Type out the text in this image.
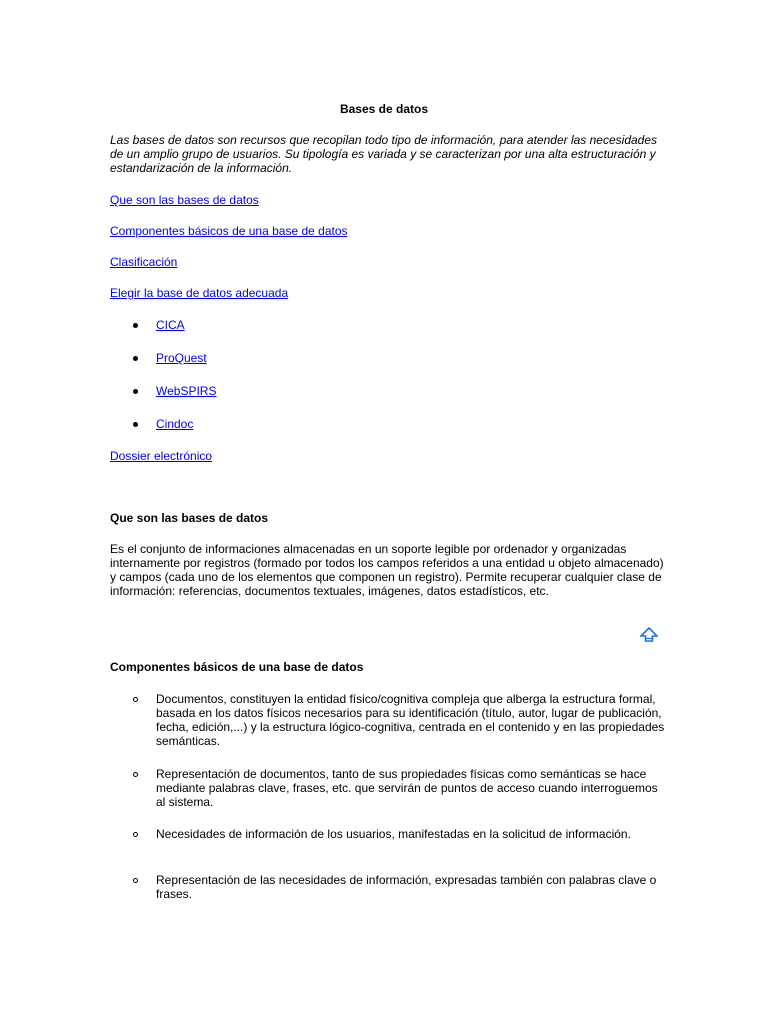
Bases de datos
Las bases de datos son recursos que recopilan todo tipo de información, para atender las necesidades de un amplio grupo de usuarios. Su tipología es variada y se caracterizan por una alta estructuración y estandarización de la información.
Que son las bases de datos
Componentes básicos de una base de datos
Clasificación
Elegir la base de datos adecuada
CICA
ProQuest
WebSPIRS
Cindoc
Dossier electrónico
Que son las bases de datos
Es el conjunto de informaciones almacenadas en un soporte legible por ordenador y organizadas internamente por registros (formado por todos los campos referidos a una entidad u objeto almacenado) y campos (cada uno de los elementos que componen un registro). Permite recuperar cualquier clase de información: referencias, documentos textuales, imágenes, datos estadísticos, etc.
Componentes básicos de una base de datos
Documentos, constituyen la entidad físico/cognitiva compleja que alberga la estructura formal, basada en los datos físicos necesarios para su identificación (título, autor, lugar de publicación, fecha, edición,...) y la estructura lógico-cognitiva, centrada en el contenido y en las propiedades semánticas.
Representación de documentos, tanto de sus propiedades físicas como semánticas se hace mediante palabras clave, frases, etc. que servirán de puntos de acceso cuando interroguemos al sistema.
Necesidades de información de los usuarios, manifestadas en la solicitud de información.
Representación de las necesidades de información, expresadas también con palabras clave o frases.
